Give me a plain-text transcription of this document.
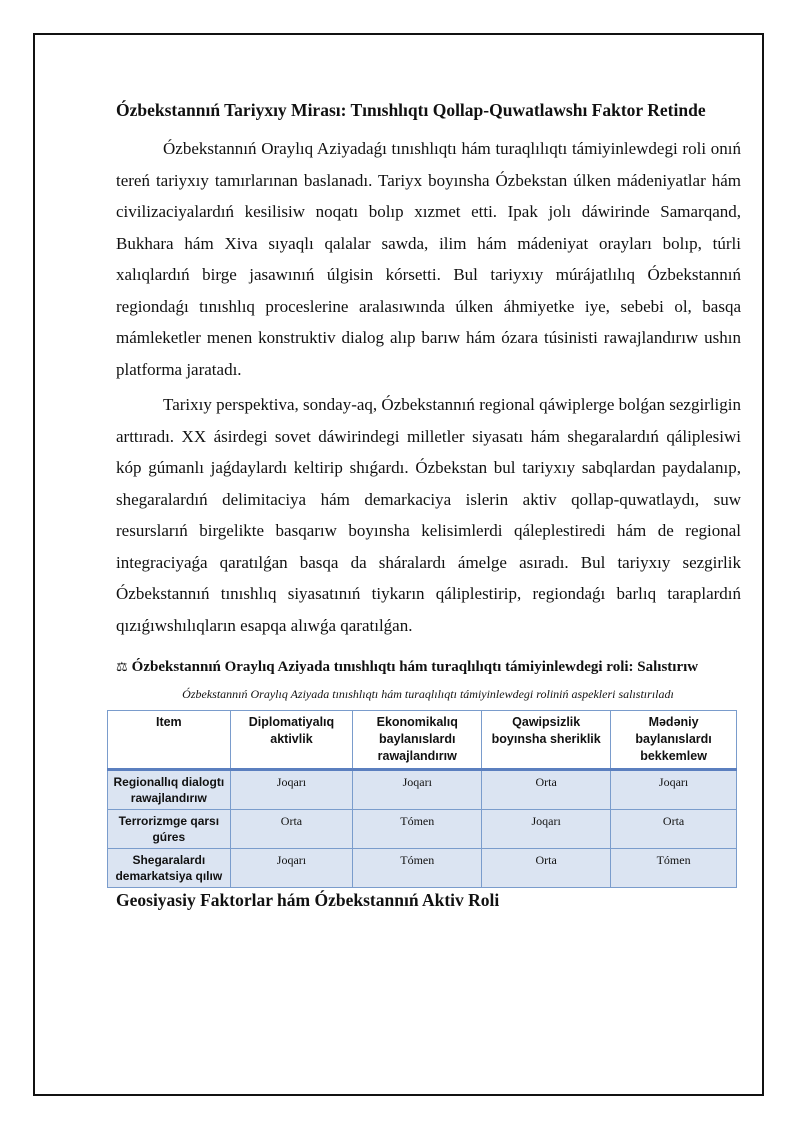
Ózbekstannıń Tariyxıy Mirası: Tınıshlıqtı Qollap-Quwatlawshı Faktor Retinde

Ózbekstannıń Oraylıq Aziyadaǵı tınıshlıqtı hám turaqlılıqtı támiyinlewdegi roli onıń tereń tariyxıy tamırlarınan baslanadı. Tariyx boyınsha Ózbekstan úlken mádeniyatlar hám civilizaciyalardıń kesilisiw noqatı bolıp xızmet etti. Ipak jolı dáwirinde Samarqand, Bukhara hám Xiva sıyaqlı qalalar sawda, ilim hám mádeniyat orayları bolıp, túrli xalıqlardıń birge jasawınıń úlgisin kórsetti. Bul tariyxıy múrájatlılıq Ózbekstannıń regiondaǵı tınıshlıq proceslerine aralasıwında úlken áhmiyetke iye, sebebi ol, basqa mámleketler menen konstruktiv dialog alıp barıw hám ózara túsinisti rawajlandırıw ushın platforma jaratadı.

Tarixıy perspektiva, sonday-aq, Ózbekstannıń regional qáwiplerge bolǵan sezgirligin arttıradı. XX ásirdegi sovet dáwirindegi milletler siyasatı hám shegaralardıń qáliplesiwi kóp gúmanlı jaǵdaylardı keltirip shıǵardı. Ózbekstan bul tariyxıy sabqlardan paydalanıp, shegaralardıń delimitaciya hám demarkaciya islerin aktiv qollap-quwatlaydı, suw resurslarıń birgelikte basqarıw boyınsha kelisimlerdi qáleplestiredi hám de regional integraciyaǵa qaratılǵan basqa da sháralardı ámelge asıradı. Bul tariyxıy sezgirlik Ózbekstannıń tınıshlıq siyasatınıń tiykarın qáliplestirip, regiondaǵı barlıq taraplardıń qızıǵıwshılıqların esapqa alıwǵa qaratılǵan.

⚖ Ózbekstannıń Oraylıq Aziyada tınıshlıqtı hám turaqlılıqtı támiyinlewdegi roli: Salıstırıw
Ózbekstannıń Oraylıq Aziyada tınıshlıqtı hám turaqlılıqtı támiyinlewdegi roliniń aspekleri salıstırıladı
Item	Diplomatiyalıq aktivlik	Ekonomikalıq baylanıslardı rawajlandırıw	Qawipsizlik boyınsha sheriklik	Mədəniy baylanıslardı bekkemlew
Regionallıq dialogtı rawajlandırıw	Joqarı	Joqarı	Orta	Joqarı
Terrorizmge qarsı gúres	Orta	Tómen	Joqarı	Orta
Shegaralardı demarkatsiya qılıw	Joqarı	Tómen	Orta	Tómen
Geosiyasiy Faktorlar hám Ózbekstannıń Aktiv Roli
